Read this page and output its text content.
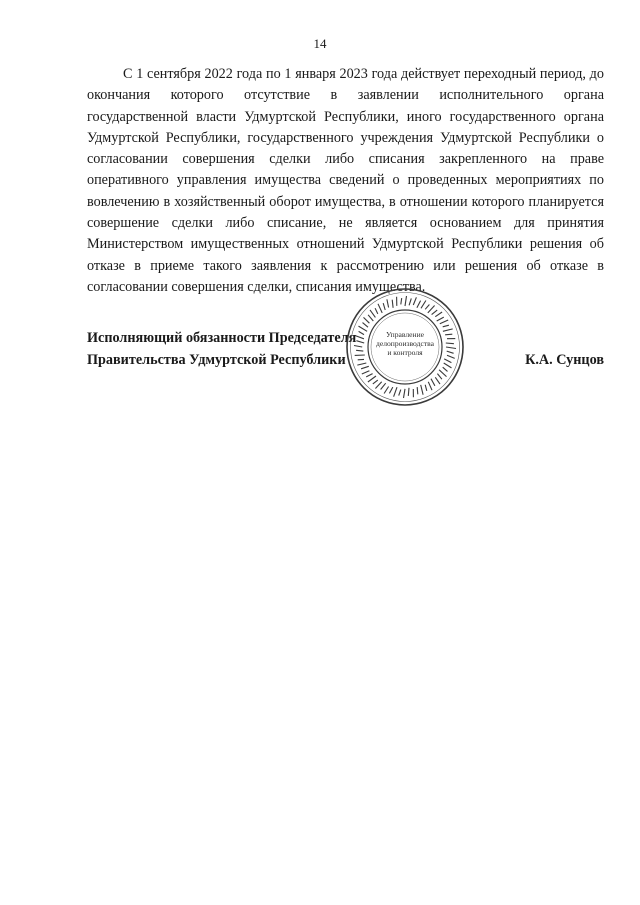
14

С 1 сентября 2022 года по 1 января 2023 года действует переходный период, до окончания которого отсутствие в заявлении исполнительного органа государственной власти Удмуртской Республики, иного государственного органа Удмуртской Республики, государственного учреждения Удмуртской Республики о согласовании совершения сделки либо списания закрепленного на праве оперативного управления имущества сведений о проведенных мероприятиях по вовлечению в хозяйственный оборот имущества, в отношении которого планируется совершение сделки либо списание, не является основанием для принятия Министерством имущественных отношений Удмуртской Республики решения об отказе в приеме такого заявления к рассмотрению или решения об отказе в согласовании совершения сделки, списания имущества.

Исполняющий обязанности Председателя
Правительства Удмуртской Республики	К.А. Сунцов
Управление
делопроизводства
и контроля
